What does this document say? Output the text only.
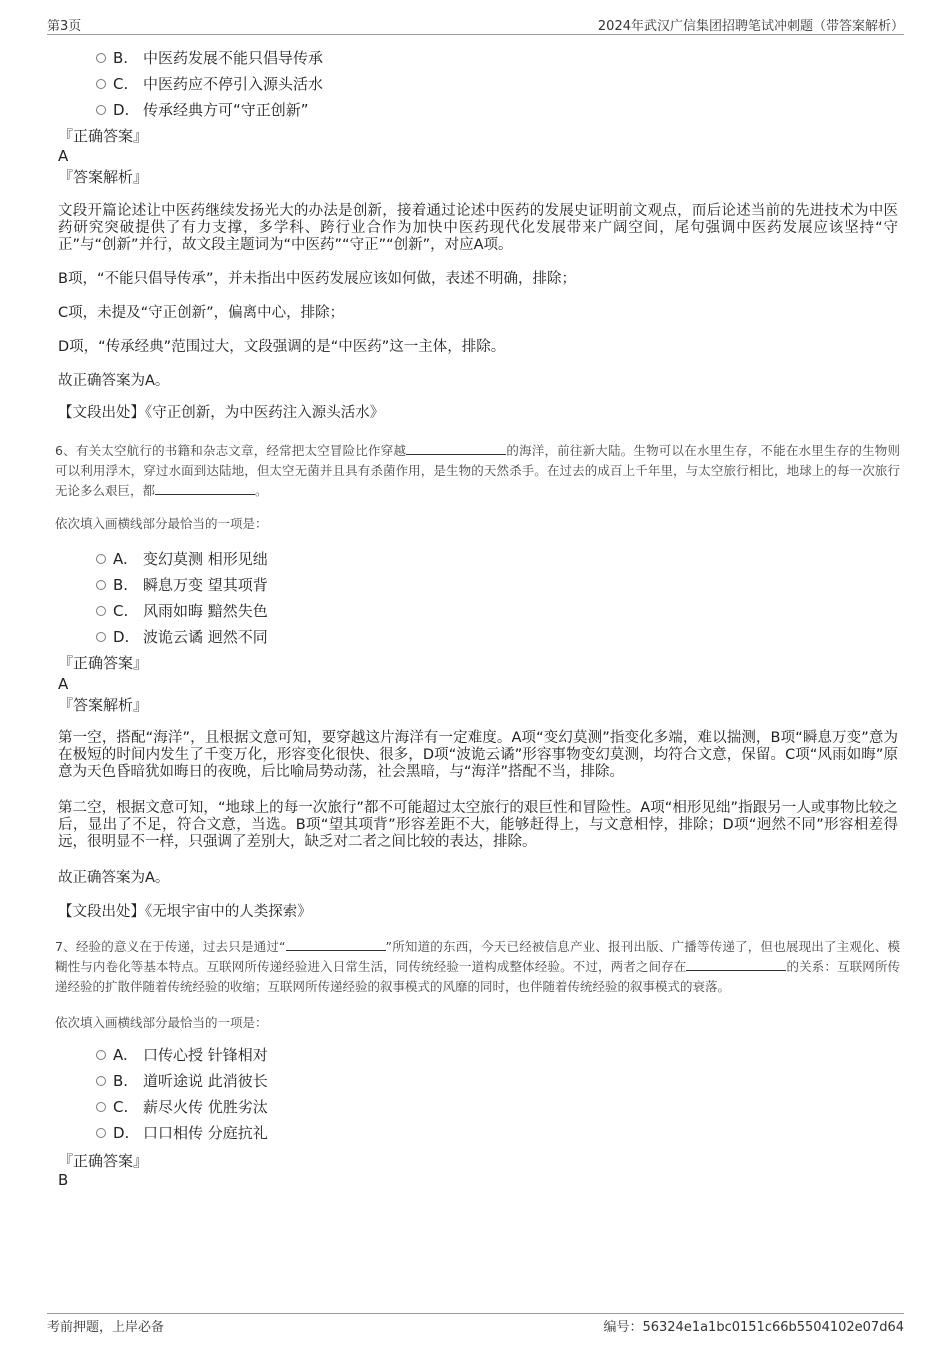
第3页	2024年武汉广信集团招聘笔试冲刺题（带答案解析）
B. 中医药发展不能只倡导传承
C. 中医药应不停引入源头活水
D. 传承经典方可“守正创新”
『正确答案』
A
『答案解析』
文段开篇论述让中医药继续发扬光大的办法是创新，接着通过论述中医药的发展史证明前文观点，而后论述当前的先进技术为中医药研究突破提供了有力支撑，多学科、跨行业合作为加快中医药现代化发展带来广阔空间，尾句强调中医药发展应该坚持“守正”与“创新”并行，故文段主题词为“中医药”“守正”“创新”，对应A项。
B项，“不能只倡导传承”，并未指出中医药发展应该如何做，表述不明确，排除；
C项，未提及“守正创新”，偏离中心，排除；
D项，“传承经典”范围过大，文段强调的是“中医药”这一主体，排除。
故正确答案为A。
【文段出处】《守正创新，为中医药注入源头活水》
6、有关太空航行的书籍和杂志文章，经常把太空冒险比作穿越	的海洋，前往新大陆。生物可以在水里生存，不能在水里生存的生物则可以利用浮木，穿过水面到达陆地，但太空无菌并且具有杀菌作用，是生物的天然杀手。在过去的成百上千年里，与太空旅行相比，地球上的每一次旅行无论多么艰巨，都	。
依次填入画横线部分最恰当的一项是：
A. 变幻莫测 相形见绌
B. 瞬息万变 望其项背
C. 风雨如晦 黯然失色
D. 波诡云谲 迥然不同
『正确答案』
A
『答案解析』
第一空，搭配“海洋”，且根据文意可知，要穿越这片海洋有一定难度。A项“变幻莫测”指变化多端，难以揣测，B项“瞬息万变”意为在极短的时间内发生了千变万化，形容变化很快、很多，D项“波诡云谲”形容事物变幻莫测，均符合文意，保留。C项“风雨如晦”原意为天色昏暗犹如晦日的夜晚，后比喻局势动荡，社会黑暗，与“海洋”搭配不当，排除。
第二空，根据文意可知，“地球上的每一次旅行”都不可能超过太空旅行的艰巨性和冒险性。A项“相形见绌”指跟另一人或事物比较之后，显出了不足，符合文意，当选。B项“望其项背”形容差距不大，能够赶得上，与文意相悖，排除；D项“迥然不同”形容相差得远，很明显不一样，只强调了差别大，缺乏对二者之间比较的表达，排除。
故正确答案为A。
【文段出处】《无垠宇宙中的人类探索》
7、经验的意义在于传递，过去只是通过“	”所知道的东西，今天已经被信息产业、报刊出版、广播等传递了，但也展现出了主观化、模糊性与内卷化等基本特点。互联网所传递经验进入日常生活，同传统经验一道构成整体经验。不过，两者之间存在	的关系：互联网所传递经验的扩散伴随着传统经验的收缩；互联网所传递经验的叙事模式的风靡的同时，也伴随着传统经验的叙事模式的衰落。
依次填入画横线部分最恰当的一项是：
A. 口传心授 针锋相对
B. 道听途说 此消彼长
C. 薪尽火传 优胜劣汰
D. 口口相传 分庭抗礼
『正确答案』
B
考前押题，上岸必备	编号：56324e1a1bc0151c66b5504102e07d64
